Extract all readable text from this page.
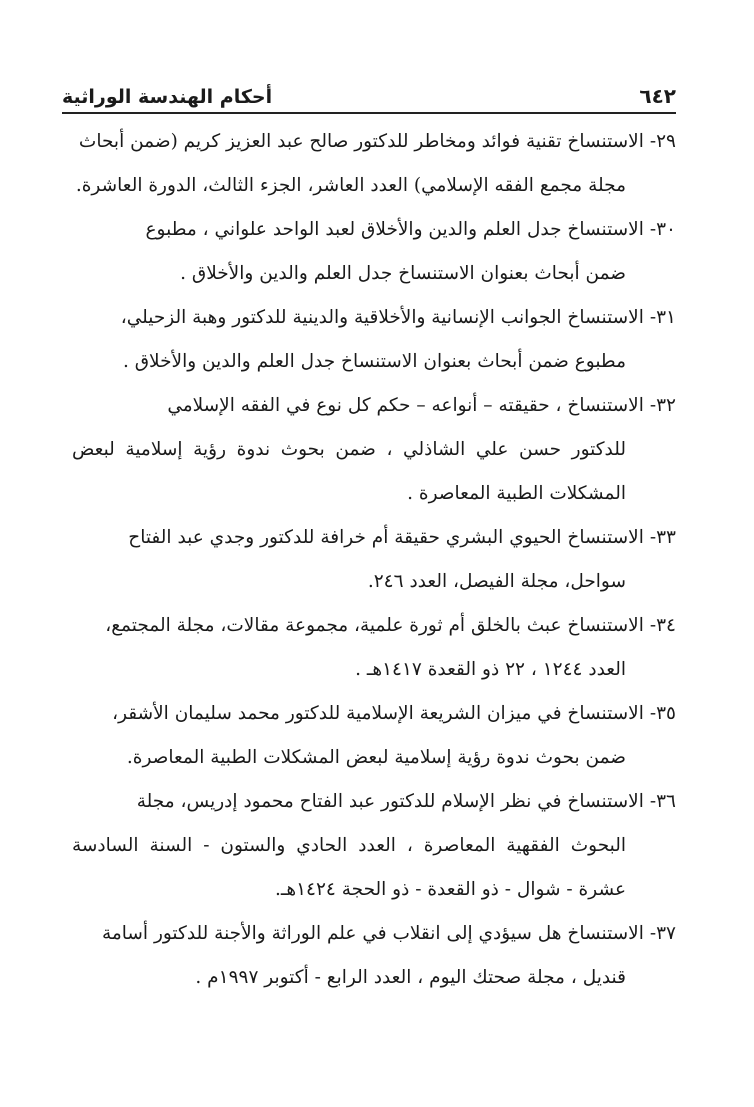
٦٤٢
أحكام الهندسة الوراثية
٢٩-الاستنساخ تقنية فوائد ومخاطر للدكتور صالح عبد العزيز كريم (ضمن أبحاث
مجلة مجمع الفقه الإسلامي) العدد العاشر، الجزء الثالث، الدورة العاشرة.
٣٠-الاستنساخ جدل العلم والدين والأخلاق لعبد الواحد علواني ، مطبوع
ضمن أبحاث بعنوان الاستنساخ جدل العلم والدين والأخلاق .
٣١-الاستنساخ الجوانب الإنسانية والأخلاقية والدينية للدكتور وهبة الزحيلي،
مطبوع ضمن أبحاث بعنوان الاستنساخ جدل العلم والدين والأخلاق .
٣٢-الاستنساخ ، حقيقته – أنواعه – حكم كل نوع في الفقه الإسلامي
للدكتور حسن علي الشاذلي ، ضمن بحوث ندوة رؤية إسلامية لبعض المشكلات الطبية المعاصرة .
٣٣-الاستنساخ الحيوي البشري حقيقة أم خرافة للدكتور وجدي عبد الفتاح
سواحل، مجلة الفيصل، العدد ٢٤٦.
٣٤-الاستنساخ عبث بالخلق أم ثورة علمية، مجموعة مقالات، مجلة المجتمع،
العدد ١٢٤٤ ، ٢٢ ذو القعدة ١٤١٧هـ .
٣٥-الاستنساخ في ميزان الشريعة الإسلامية للدكتور محمد سليمان الأشقر،
ضمن بحوث ندوة رؤية إسلامية لبعض المشكلات الطبية المعاصرة.
٣٦-الاستنساخ في نظر الإسلام للدكتور عبد الفتاح محمود إدريس، مجلة
البحوث الفقهية المعاصرة ، العدد الحادي والستون - السنة السادسة عشرة - شوال - ذو القعدة - ذو الحجة ١٤٢٤هـ.
٣٧-الاستنساخ هل سيؤدي إلى انقلاب في علم الوراثة والأجنة للدكتور أسامة
قنديل ، مجلة صحتك اليوم ، العدد الرابع - أكتوبر ١٩٩٧م .
